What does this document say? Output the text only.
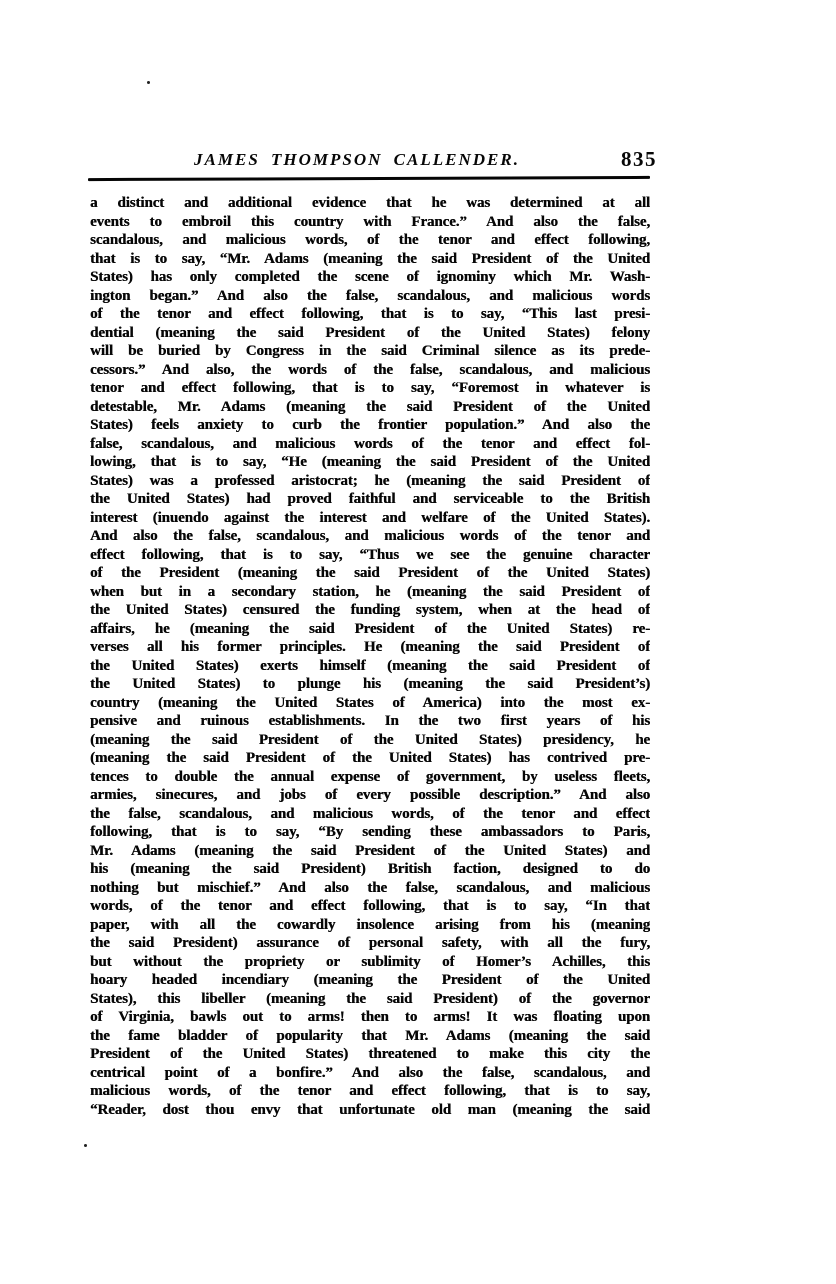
JAMES THOMPSON CALLENDER.	835
a distinct and additional evidence that he was determined at all
events to embroil this country with France.” And also the false,
scandalous, and malicious words, of the tenor and effect following,
that is to say, “Mr. Adams (meaning the said President of the United
States) has only completed the scene of ignominy which Mr. Wash-
ington began.” And also the false, scandalous, and malicious words
of the tenor and effect following, that is to say, “This last presi-
dential (meaning the said President of the United States) felony
will be buried by Congress in the said Criminal silence as its prede-
cessors.” And also, the words of the false, scandalous, and malicious
tenor and effect following, that is to say, “Foremost in whatever is
detestable, Mr. Adams (meaning the said President of the United
States) feels anxiety to curb the frontier population.” And also the
false, scandalous, and malicious words of the tenor and effect fol-
lowing, that is to say, “He (meaning the said President of the United
States) was a professed aristocrat; he (meaning the said President of
the United States) had proved faithful and serviceable to the British
interest (inuendo against the interest and welfare of the United States).
And also the false, scandalous, and malicious words of the tenor and
effect following, that is to say, “Thus we see the genuine character
of the President (meaning the said President of the United States)
when but in a secondary station, he (meaning the said President of
the United States) censured the funding system, when at the head of
affairs, he (meaning the said President of the United States) re-
verses all his former principles. He (meaning the said President of
the United States) exerts himself (meaning the said President of
the United States) to plunge his (meaning the said President’s)
country (meaning the United States of America) into the most ex-
pensive and ruinous establishments. In the two first years of his
(meaning the said President of the United States) presidency, he
(meaning the said President of the United States) has contrived pre-
tences to double the annual expense of government, by useless fleets,
armies, sinecures, and jobs of every possible description.” And also
the false, scandalous, and malicious words, of the tenor and effect
following, that is to say, “By sending these ambassadors to Paris,
Mr. Adams (meaning the said President of the United States) and
his (meaning the said President) British faction, designed to do
nothing but mischief.” And also the false, scandalous, and malicious
words, of the tenor and effect following, that is to say, “In that
paper, with all the cowardly insolence arising from his (meaning
the said President) assurance of personal safety, with all the fury,
but without the propriety or sublimity of Homer’s Achilles, this
hoary headed incendiary (meaning the President of the United
States), this libeller (meaning the said President) of the governor
of Virginia, bawls out to arms! then to arms! It was floating upon
the fame bladder of popularity that Mr. Adams (meaning the said
President of the United States) threatened to make this city the
centrical point of a bonfire.” And also the false, scandalous, and
malicious words, of the tenor and effect following, that is to say,
“Reader, dost thou envy that unfortunate old man (meaning the said
